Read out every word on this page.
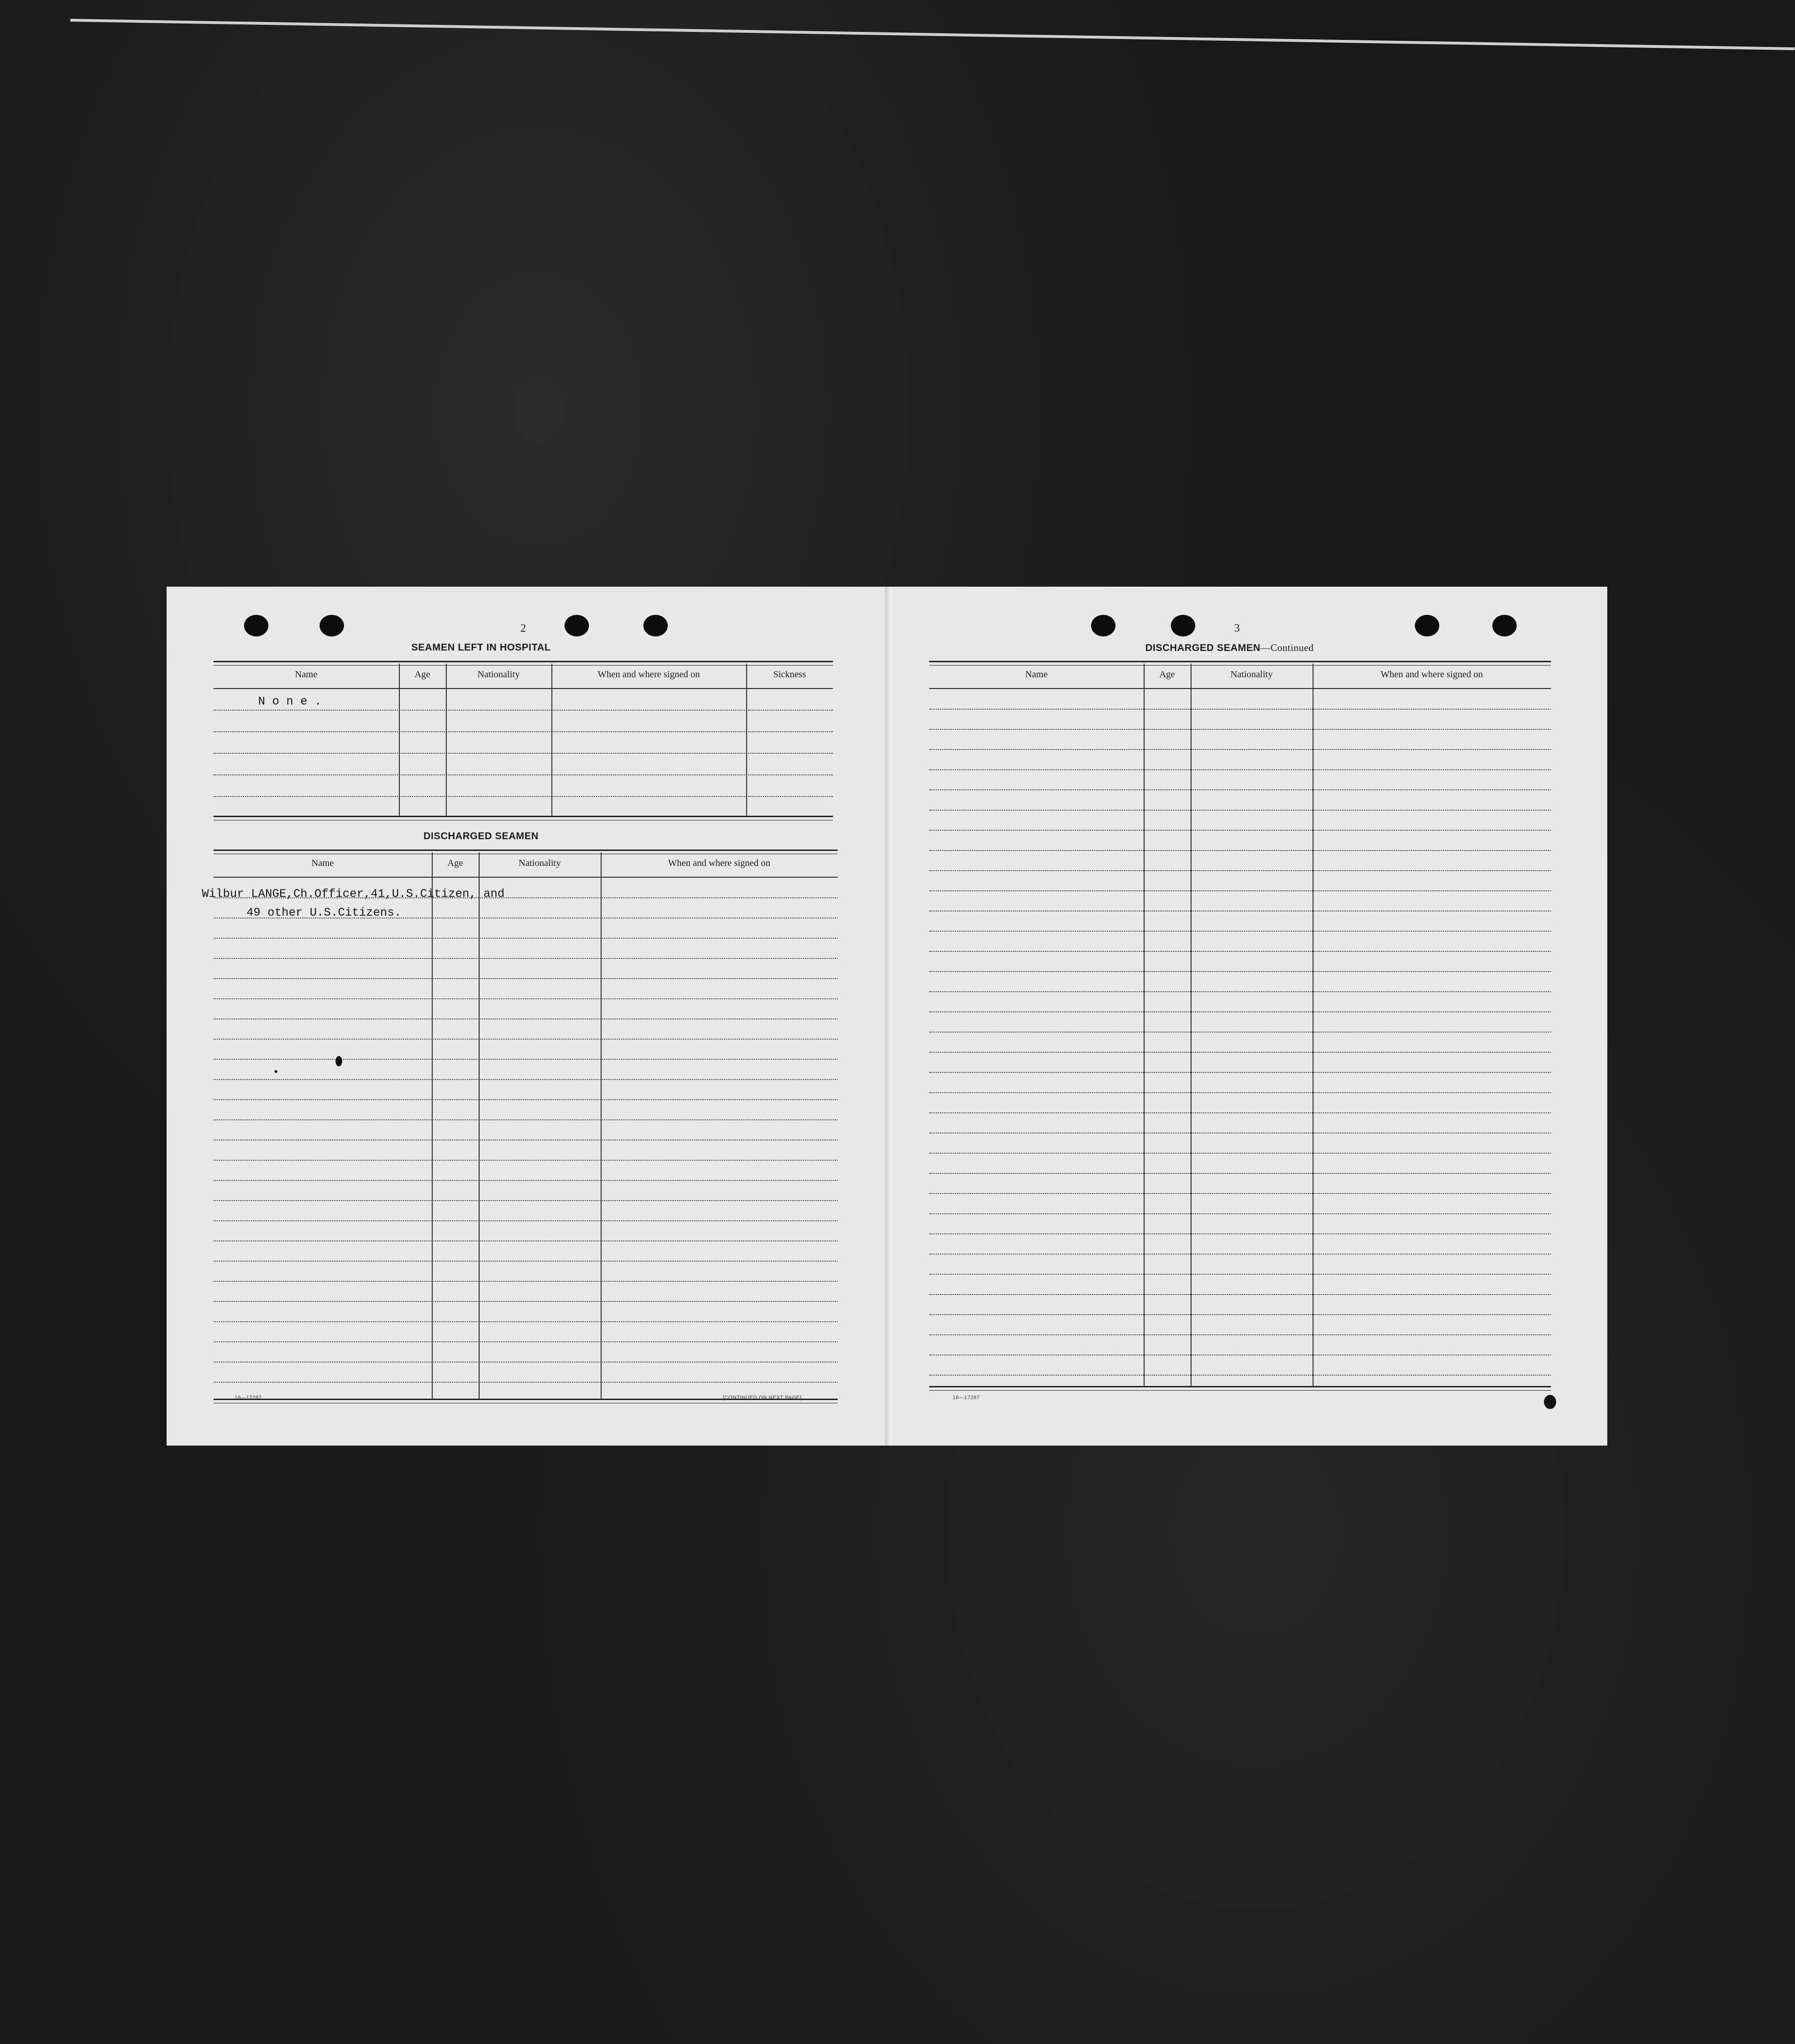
2
SEAMEN LEFT IN HOSPITAL
Name	Age	Nationality	When and where signed on	Sickness
N o n e .
DISCHARGED SEAMEN
Name	Age	Nationality	When and where signed on
Wilbur LANGE,Ch.Officer,41,U.S.Citizen, and
49 other U.S.Citizens.
16—17287	[CONTINUED ON NEXT PAGE]
3
DISCHARGED SEAMEN—Continued
Name	Age	Nationality	When and where signed on
16—17287
